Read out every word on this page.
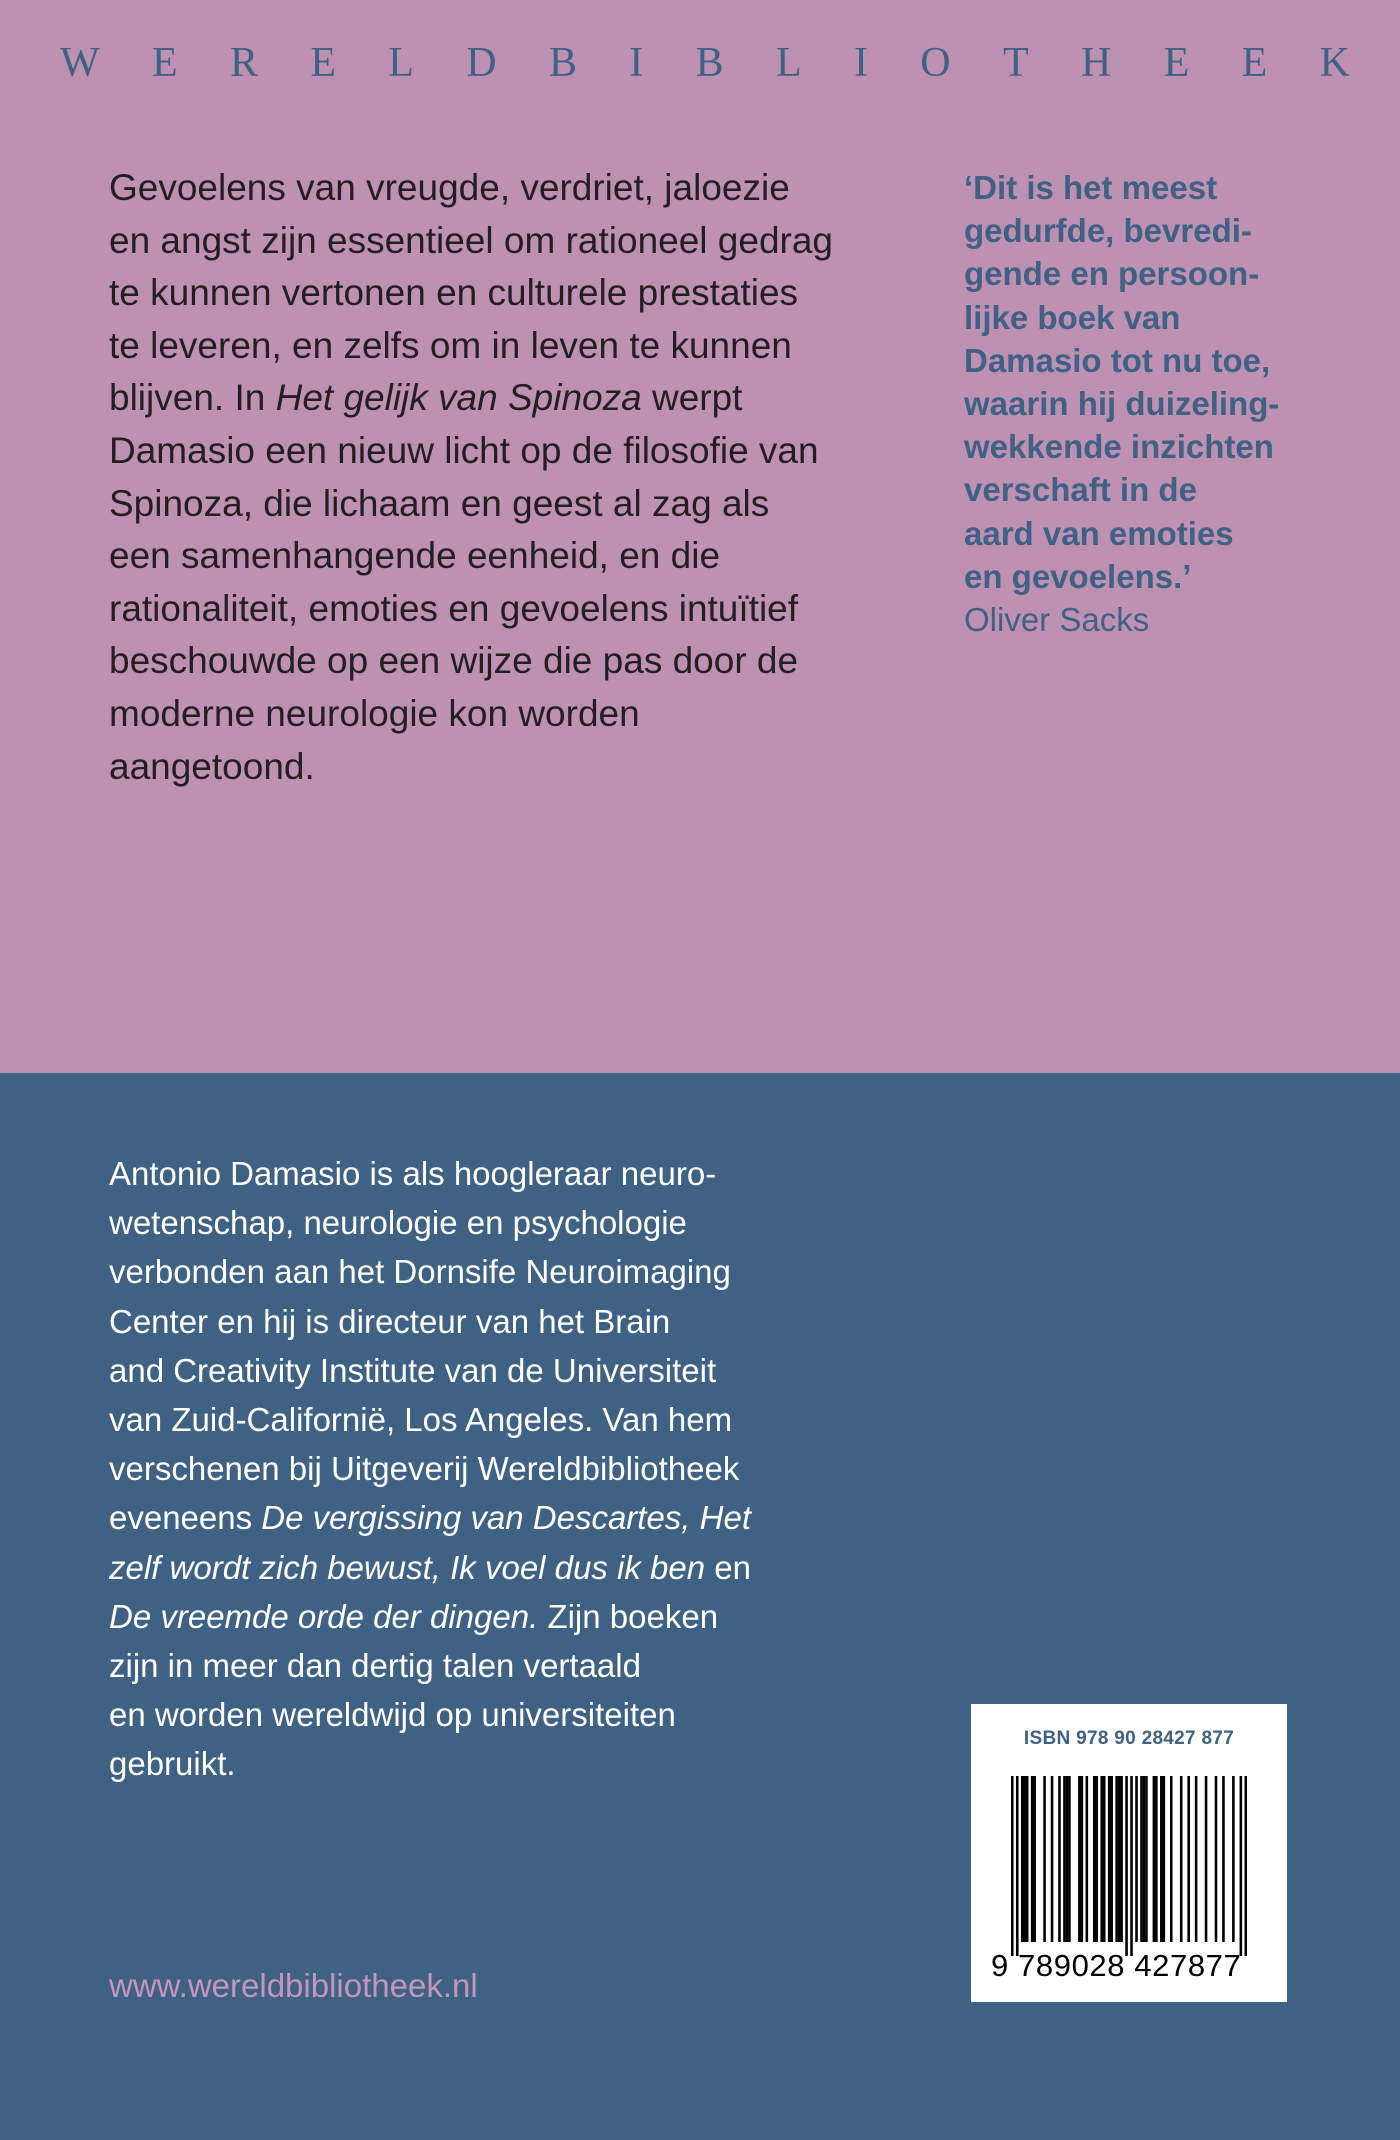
W E R E L D B I B L I O T H E E K

Gevoelens van vreugde, verdriet, jaloezie en angst zijn essentieel om rationeel gedrag te kunnen vertonen en culturele prestaties te leveren, en zelfs om in leven te kunnen blijven. In Het gelijk van Spinoza werpt Damasio een nieuw licht op de filosofie van Spinoza, die lichaam en geest al zag als een samenhangende eenheid, en die rationaliteit, emoties en gevoelens intuïtief beschouwde op een wijze die pas door de moderne neurologie kon worden aangetoond.

‘Dit is het meest
gedurfde, bevredi-
gende en persoon-
lijke boek van
Damasio tot nu toe,
waarin hij duizeling-
wekkende inzichten
verschaft in de
aard van emoties
en gevoelens.’
Oliver Sacks
Antonio Damasio is als hoogleraar neuro-
wetenschap, neurologie en psychologie
verbonden aan het Dornsife Neuroimaging
Center en hij is directeur van het Brain
and Creativity Institute van de Universiteit
van Zuid-Californië, Los Angeles. Van hem
verschenen bij Uitgeverij Wereldbibliotheek
eveneens De vergissing van Descartes, Het
zelf wordt zich bewust, Ik voel dus ik ben en
De vreemde orde der dingen. Zijn boeken
zijn in meer dan dertig talen vertaald
en worden wereldwijd op universiteiten
gebruikt.
www.wereldbibliotheek.nl
ISBN 978 90 28427 877
9 789028 427877
